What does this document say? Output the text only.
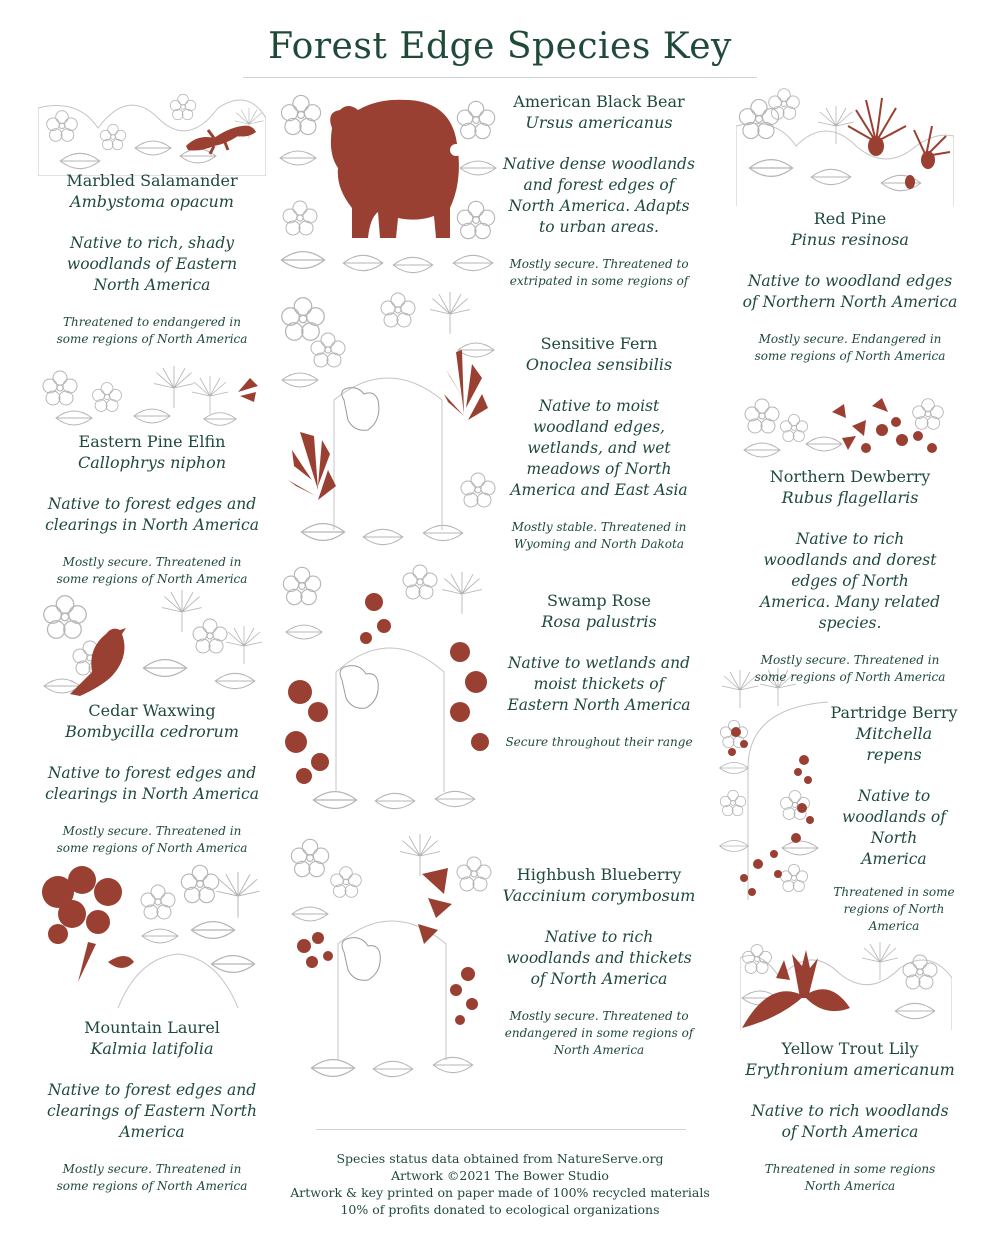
Forest Edge Species Key
Marbled Salamander
Ambystoma opacum
Native to rich, shady woodlands of Eastern North America
Threatened to endangered in some regions of North America
Eastern Pine Elfin
Callophrys niphon
Native to forest edges and clearings in North America
Mostly secure. Threatened in some regions of North America
Cedar Waxwing
Bombycilla cedrorum
Native to forest edges and clearings in North America
Mostly secure. Threatened in some regions of North America
Mountain Laurel
Kalmia latifolia
Native to forest edges and clearings of Eastern North America
Mostly secure. Threatened in some regions of North America
American Black Bear
Ursus americanus
Native dense woodlands and forest edges of North America. Adapts to urban areas.
Mostly secure. Threatened to extripated in some regions of
Sensitive Fern
Onoclea sensibilis
Native to moist woodland edges, wetlands, and wet meadows of North America and East Asia
Mostly stable. Threatened in Wyoming and North Dakota
Swamp Rose
Rosa palustris
Native to wetlands and moist thickets of Eastern North America
Secure throughout their range
Highbush Blueberry
Vaccinium corymbosum
Native to rich woodlands and thickets of North America
Mostly secure. Threatened to endangered in some regions of North America
Red Pine
Pinus resinosa
Native to woodland edges of Northern North America
Mostly secure. Endangered in some regions of North America
Northern Dewberry
Rubus flagellaris
Native to rich woodlands and dorest edges of North America. Many related species.
Mostly secure. Threatened in some regions of North America
Partridge Berry
Mitchella repens
Native to woodlands of North America
Threatened in some regions of North America
Yellow Trout Lily
Erythronium americanum
Native to rich woodlands of North America
Threatened in some regions North America
Species status data obtained from NatureServe.org
Artwork ©2021 The Bower Studio
Artwork & key printed on paper made of 100% recycled materials
10% of profits donated to ecological organizations
